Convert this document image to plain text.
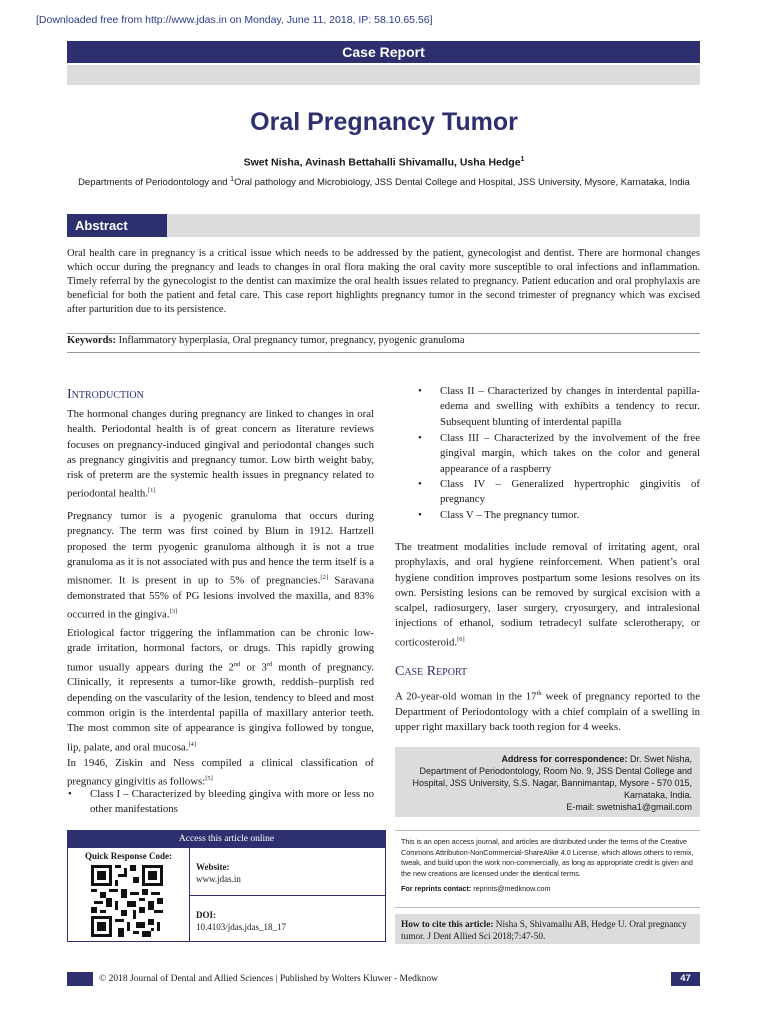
[Downloaded free from http://www.jdas.in on Monday, June 11, 2018, IP: 58.10.65.56]
Case Report
Oral Pregnancy Tumor
Swet Nisha, Avinash Bettahalli Shivamallu, Usha Hedge$^1$
Departments of Periodontology and $^1$Oral pathology and Microbiology, JSS Dental College and Hospital, JSS University, Mysore, Karnataka, India
Abstract
Oral health care in pregnancy is a critical issue which needs to be addressed by the patient, gynecologist and dentist. There are hormonal changes which occur during the pregnancy and leads to changes in oral flora making the oral cavity more susceptible to oral infections and inflammation. Timely referral by the gynecologist to the dentist can maximize the oral health issues related to pregnancy. Patient education and oral prophylaxis are beneficial for both the patient and fetal care. This case report highlights pregnancy tumor in the second trimester of pregnancy which was excised after parturition due to its persistence.
Keywords: Inflammatory hyperplasia, Oral pregnancy tumor, pregnancy, pyogenic granuloma
Introduction
The hormonal changes during pregnancy are linked to changes in oral health. Periodontal health is of great concern as literature reviews focuses on pregnancy-induced gingival and periodontal changes such as pregnancy gingivitis and pregnancy tumor. Low birth weight baby, risk of preterm are the systemic health issues in pregnancy related to periodontal health.[1]
Pregnancy tumor is a pyogenic granuloma that occurs during pregnancy. The term was first coined by Blum in 1912. Hartzell proposed the term pyogenic granuloma although it is not a true granuloma as it is not associated with pus and hence the term itself is a misnomer. It is present in up to 5% of pregnancies.[2] Saravana demonstrated that 55% of PG lesions involved the maxilla, and 83% occurred in the gingiva.[3]
Etiological factor triggering the inflammation can be chronic low-grade irritation, hormonal factors, or drugs. This rapidly growing tumor usually appears during the 2nd or 3rd month of pregnancy. Clinically, it represents a tumor-like growth, reddish–purplish red depending on the vascularity of the lesion, tendency to bleed and most common origin is the interdental papilla of maxillary anterior teeth. The most common site of appearance is gingiva followed by tongue, lip, palate, and oral mucosa.[4]
In 1946, Ziskin and Ness compiled a clinical classification of pregnancy gingivitis as follows:[5]
• Class I – Characterized by bleeding gingiva with more or less no other manifestations
• Class II – Characterized by changes in interdental papilla-edema and swelling with exhibits a tendency to recur. Subsequent blunting of interdental papilla
• Class III – Characterized by the involvement of the free gingival margin, which takes on the color and general appearance of a raspberry
• Class IV – Generalized hypertrophic gingivitis of pregnancy
• Class V – The pregnancy tumor.
The treatment modalities include removal of irritating agent, oral prophylaxis, and oral hygiene reinforcement. When patient’s oral hygiene condition improves postpartum some lesions resolves on its own. Persisting lesions can be removed by surgical excision with a scalpel, radiosurgery, laser surgery, cryosurgery, and intralesional injections of ethanol, sodium tetradecyl sulfate sclerotherapy, or corticosteroid.[6]
Case Report
A 20-year-old woman in the 17th week of pregnancy reported to the Department of Periodontology with a chief complain of a swelling in upper right maxillary back tooth region for 4 weeks.
Address for correspondence: Dr. Swet Nisha,
Department of Periodontology, Room No. 9, JSS Dental College and
Hospital, JSS University, S.S. Nagar, Bannimantap, Mysore - 570 015,
Karnataka, India.
E-mail: swetnisha1@gmail.com
Access this article online
Quick Response Code:
Website:
www.jdas.in
DOI:
10.4103/jdas.jdas_18_17
This is an open access journal, and articles are distributed under the terms of the Creative Commons Attribution-NonCommercial-ShareAlike 4.0 License, which allows others to remix, tweak, and build upon the work non-commercially, as long as appropriate credit is given and the new creations are licensed under the identical terms.
For reprints contact: reprints@medknow.com
How to cite this article: Nisha S, Shivamallu AB, Hedge U. Oral pregnancy tumor. J Dent Allied Sci 2018;7:47-50.
© 2018 Journal of Dental and Allied Sciences | Published by Wolters Kluwer - Medknow	47
